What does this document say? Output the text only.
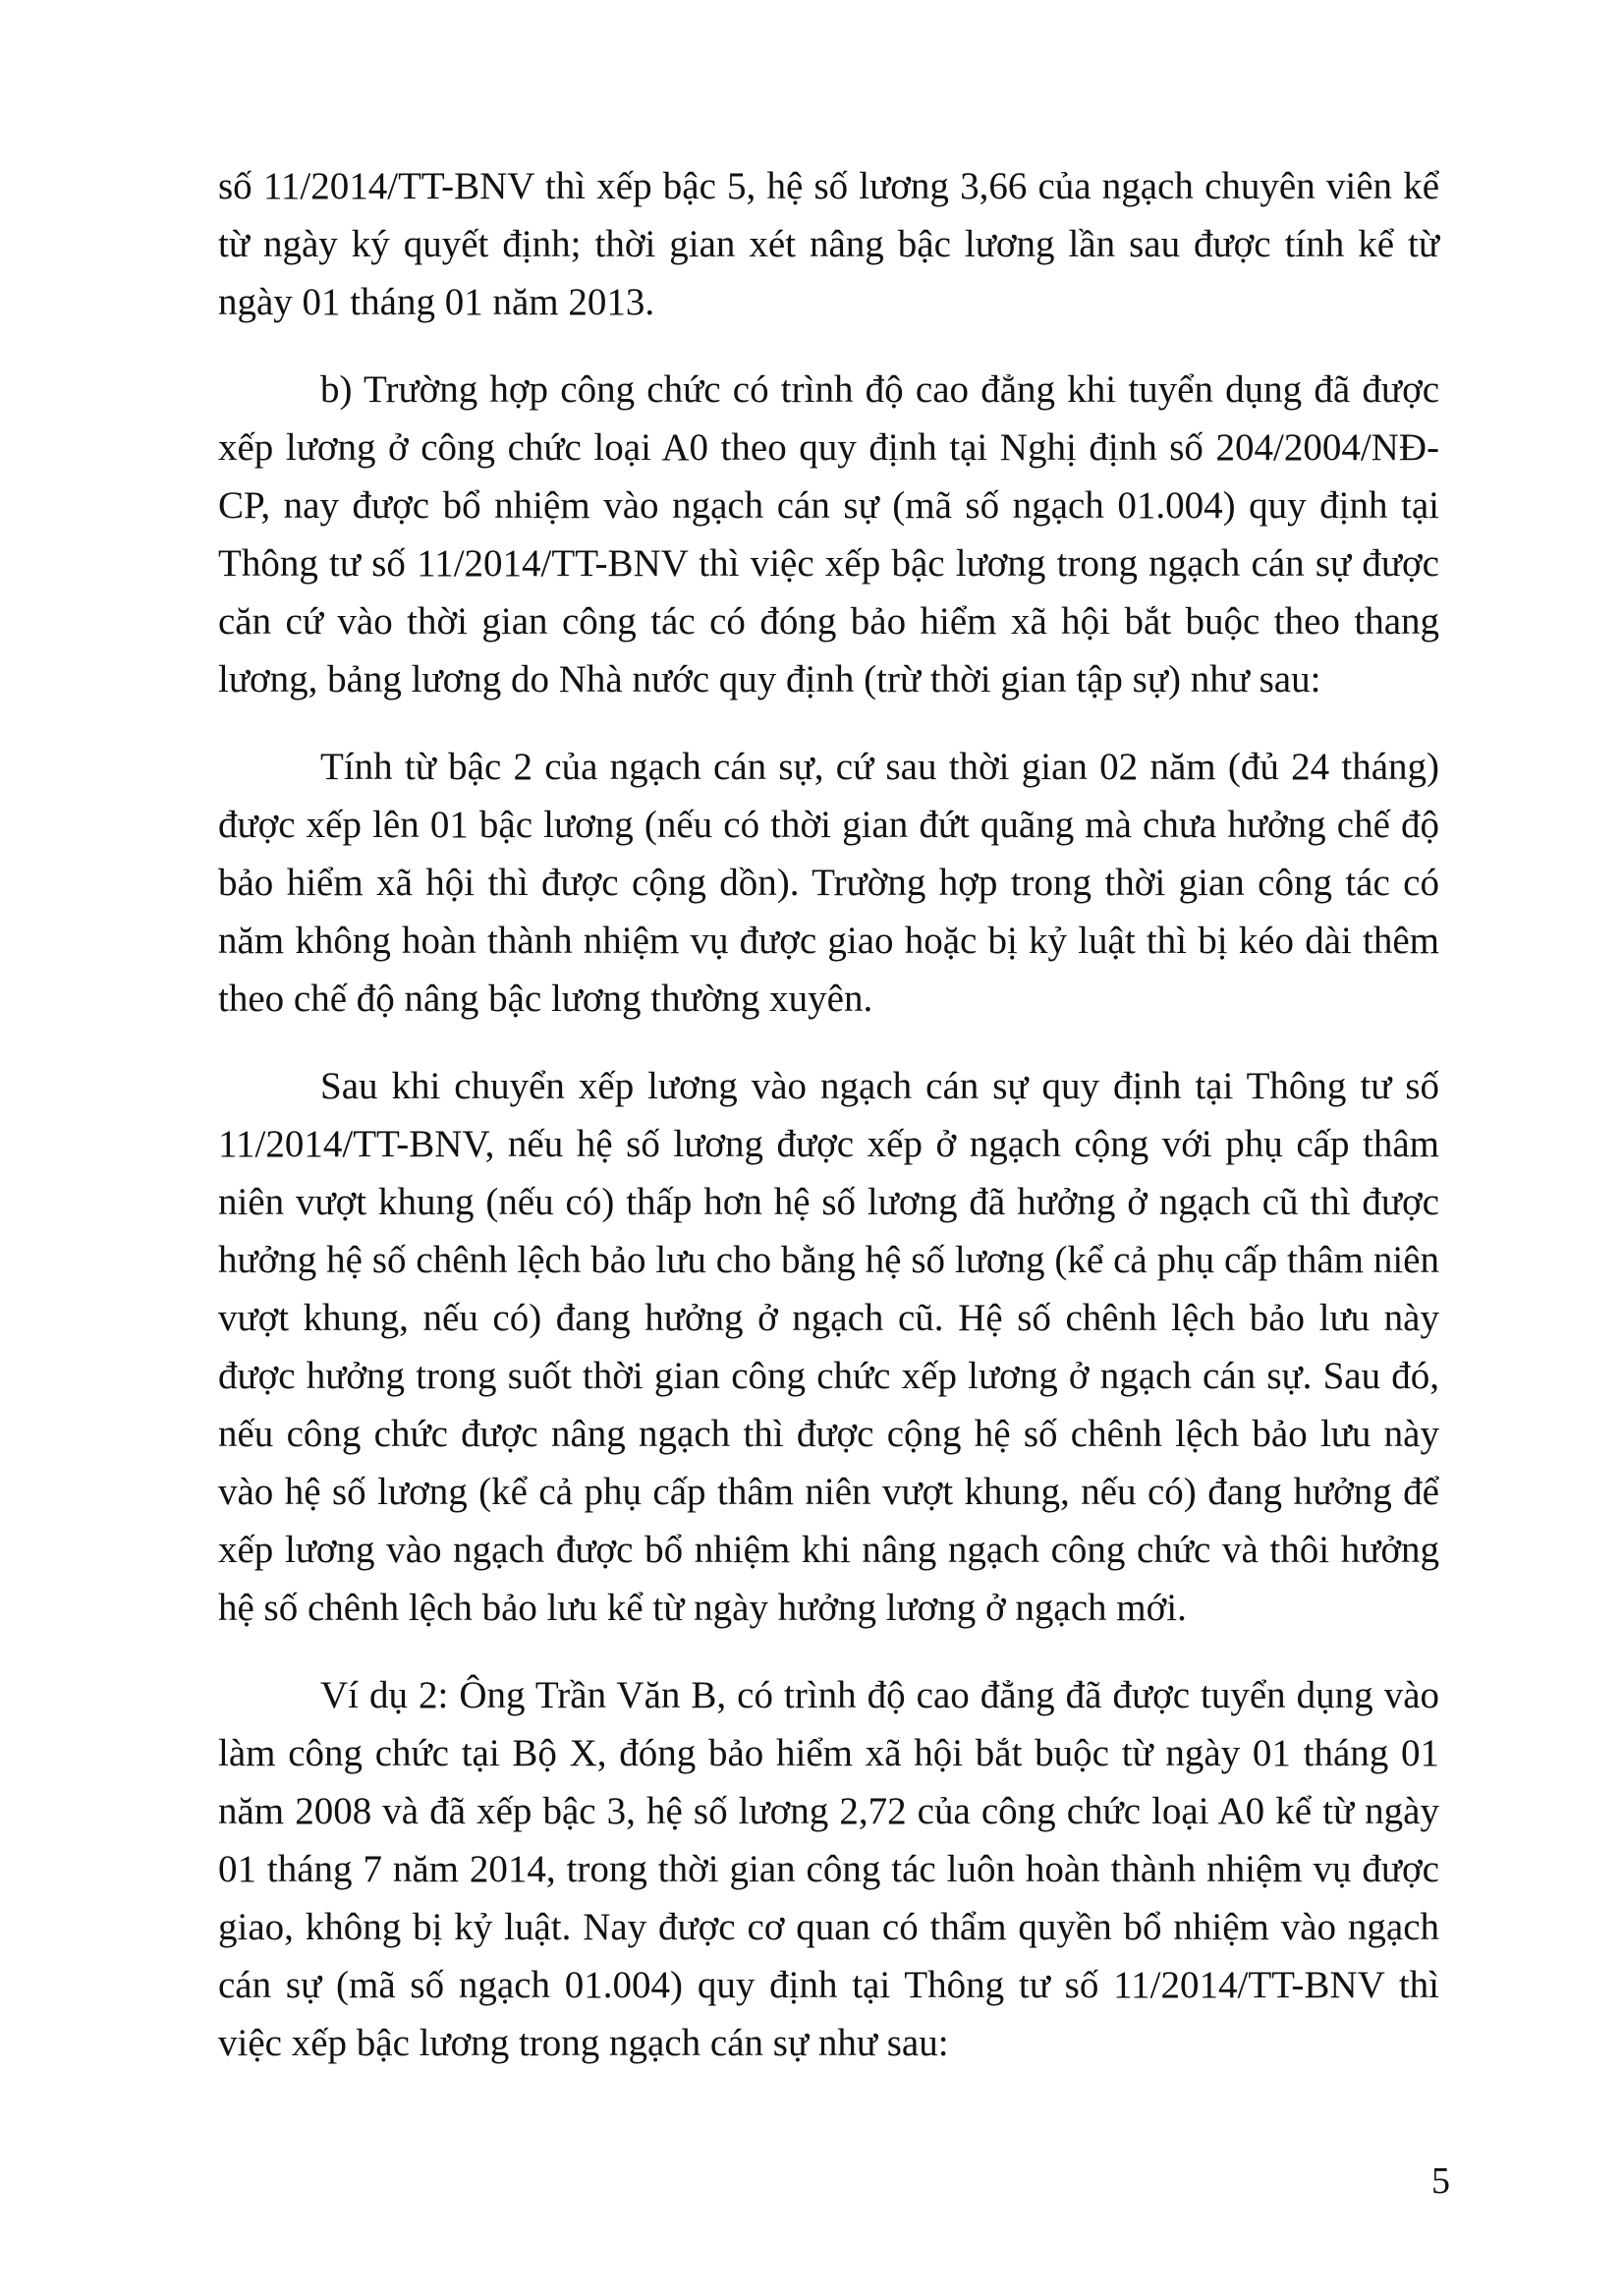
số 11/2014/TT-BNV thì xếp bậc 5, hệ số lương 3,66 của ngạch chuyên viên kể từ ngày ký quyết định; thời gian xét nâng bậc lương lần sau được tính kể từ ngày 01 tháng 01 năm 2013.

b) Trường hợp công chức có trình độ cao đẳng khi tuyển dụng đã được xếp lương ở công chức loại A0 theo quy định tại Nghị định số 204/2004/NĐ-CP, nay được bổ nhiệm vào ngạch cán sự (mã số ngạch 01.004) quy định tại Thông tư số 11/2014/TT-BNV thì việc xếp bậc lương trong ngạch cán sự được căn cứ vào thời gian công tác có đóng bảo hiểm xã hội bắt buộc theo thang lương, bảng lương do Nhà nước quy định (trừ thời gian tập sự) như sau:

Tính từ bậc 2 của ngạch cán sự, cứ sau thời gian 02 năm (đủ 24 tháng) được xếp lên 01 bậc lương (nếu có thời gian đứt quãng mà chưa hưởng chế độ bảo hiểm xã hội thì được cộng dồn). Trường hợp trong thời gian công tác có năm không hoàn thành nhiệm vụ được giao hoặc bị kỷ luật thì bị kéo dài thêm theo chế độ nâng bậc lương thường xuyên.

Sau khi chuyển xếp lương vào ngạch cán sự quy định tại Thông tư số 11/2014/TT-BNV, nếu hệ số lương được xếp ở ngạch cộng với phụ cấp thâm niên vượt khung (nếu có) thấp hơn hệ số lương đã hưởng ở ngạch cũ thì được hưởng hệ số chênh lệch bảo lưu cho bằng hệ số lương (kể cả phụ cấp thâm niên vượt khung, nếu có) đang hưởng ở ngạch cũ. Hệ số chênh lệch bảo lưu này được hưởng trong suốt thời gian công chức xếp lương ở ngạch cán sự. Sau đó, nếu công chức được nâng ngạch thì được cộng hệ số chênh lệch bảo lưu này vào hệ số lương (kể cả phụ cấp thâm niên vượt khung, nếu có) đang hưởng để xếp lương vào ngạch được bổ nhiệm khi nâng ngạch công chức và thôi hưởng hệ số chênh lệch bảo lưu kể từ ngày hưởng lương ở ngạch mới.

Ví dụ 2: Ông Trần Văn B, có trình độ cao đẳng đã được tuyển dụng vào làm công chức tại Bộ X, đóng bảo hiểm xã hội bắt buộc từ ngày 01 tháng 01 năm 2008 và đã xếp bậc 3, hệ số lương 2,72 của công chức loại A0 kể từ ngày 01 tháng 7 năm 2014, trong thời gian công tác luôn hoàn thành nhiệm vụ được giao, không bị kỷ luật. Nay được cơ quan có thẩm quyền bổ nhiệm vào ngạch cán sự (mã số ngạch 01.004) quy định tại Thông tư số 11/2014/TT-BNV thì việc xếp bậc lương trong ngạch cán sự như sau:

5
